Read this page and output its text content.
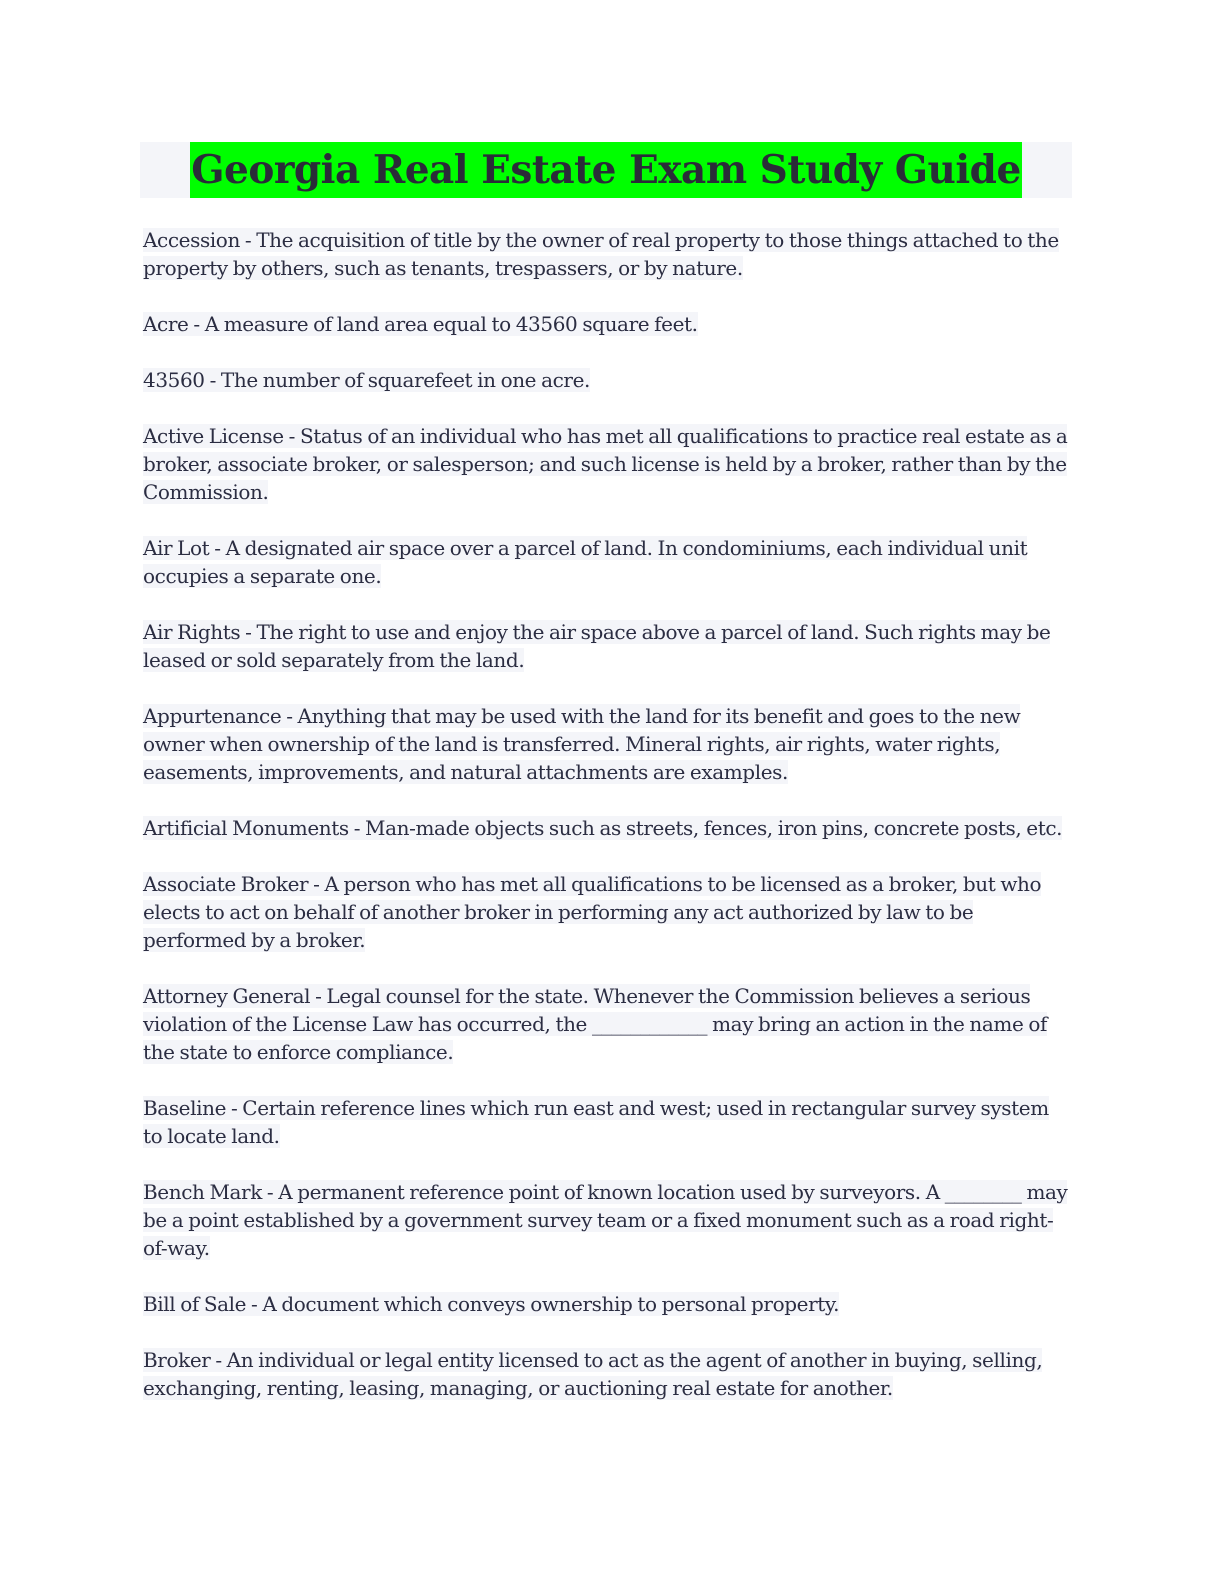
Georgia Real Estate Exam Study Guide

Accession - The acquisition of title by the owner of real property to those things attached to the property by others, such as tenants, trespassers, or by nature.

Acre - A measure of land area equal to 43560 square feet.

43560 - The number of squarefeet in one acre.

Active License - Status of an individual who has met all qualifications to practice real estate as a broker, associate broker, or salesperson; and such license is held by a broker, rather than by the Commission.

Air Lot - A designated air space over a parcel of land. In condominiums, each individual unit occupies a separate one.

Air Rights - The right to use and enjoy the air space above a parcel of land. Such rights may be leased or sold separately from the land.

Appurtenance - Anything that may be used with the land for its benefit and goes to the new owner when ownership of the land is transferred. Mineral rights, air rights, water rights, easements, improvements, and natural attachments are examples.

Artificial Monuments - Man-made objects such as streets, fences, iron pins, concrete posts, etc.

Associate Broker - A person who has met all qualifications to be licensed as a broker, but who elects to act on behalf of another broker in performing any act authorized by law to be performed by a broker.

Attorney General - Legal counsel for the state. Whenever the Commission believes a serious violation of the License Law has occurred, the ____________ may bring an action in the name of the state to enforce compliance.

Baseline - Certain reference lines which run east and west; used in rectangular survey system to locate land.

Bench Mark - A permanent reference point of known location used by surveyors. A ________ may be a point established by a government survey team or a fixed monument such as a road right-of-way.

Bill of Sale - A document which conveys ownership to personal property.

Broker - An individual or legal entity licensed to act as the agent of another in buying, selling, exchanging, renting, leasing, managing, or auctioning real estate for another.
